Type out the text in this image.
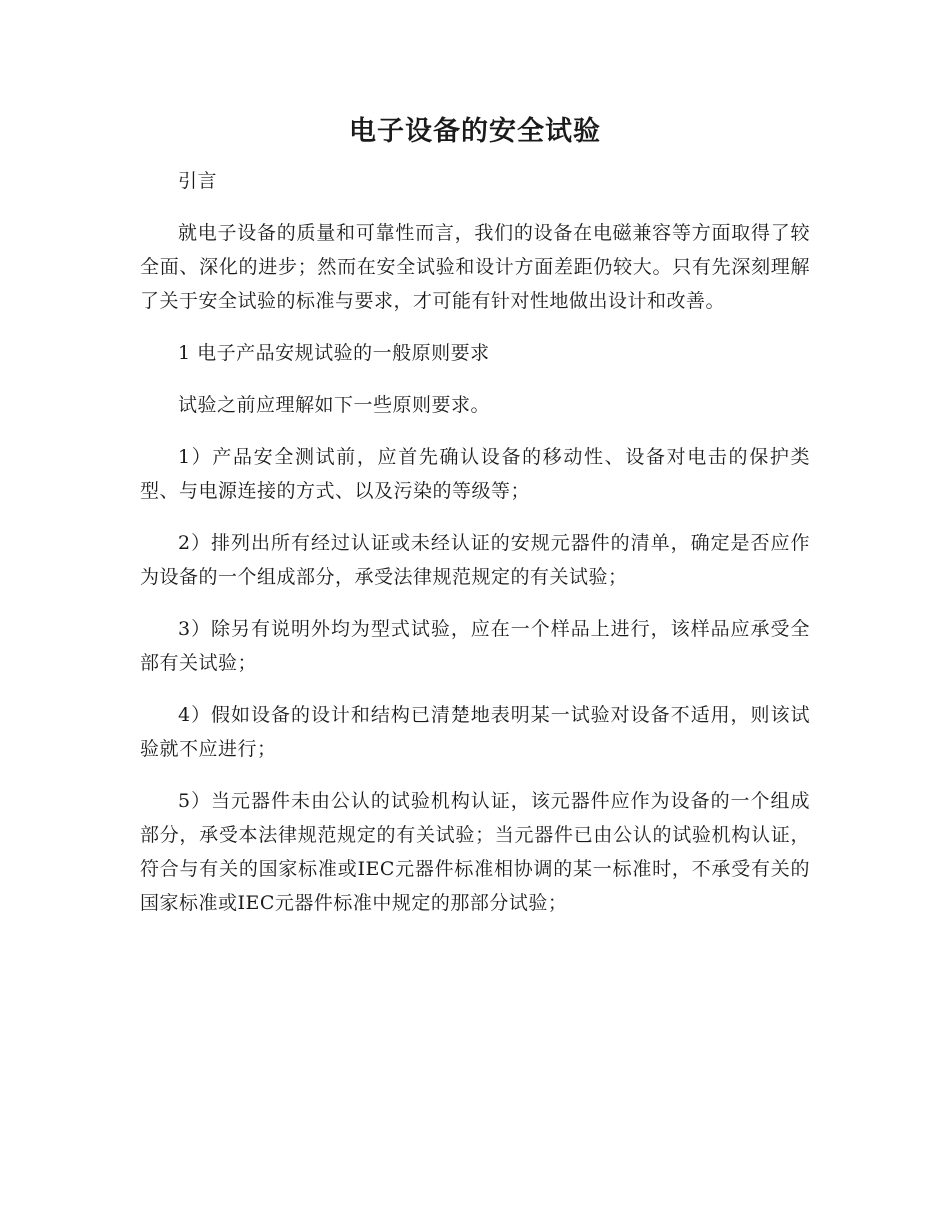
电子设备的安全试验

引言

就电子设备的质量和可靠性而言，我们的设备在电磁兼容等方面取得了较全面、深化的进步；然而在安全试验和设计方面差距仍较大。只有先深刻理解了关于安全试验的标准与要求，才可能有针对性地做出设计和改善。

1 电子产品安规试验的一般原则要求

试验之前应理解如下一些原则要求。

1）产品安全测试前，应首先确认设备的移动性、设备对电击的保护类型、与电源连接的方式、以及污染的等级等；

2）排列出所有经过认证或未经认证的安规元器件的清单，确定是否应作为设备的一个组成部分，承受法律规范规定的有关试验；

3）除另有说明外均为型式试验，应在一个样品上进行，该样品应承受全部有关试验；

4）假如设备的设计和结构已清楚地表明某一试验对设备不适用，则该试验就不应进行；

5）当元器件未由公认的试验机构认证，该元器件应作为设备的一个组成部分，承受本法律规范规定的有关试验；当元器件已由公认的试验机构认证，符合与有关的国家标准或IEC元器件标准相协调的某一标准时，不承受有关的国家标准或IEC元器件标准中规定的那部分试验；
